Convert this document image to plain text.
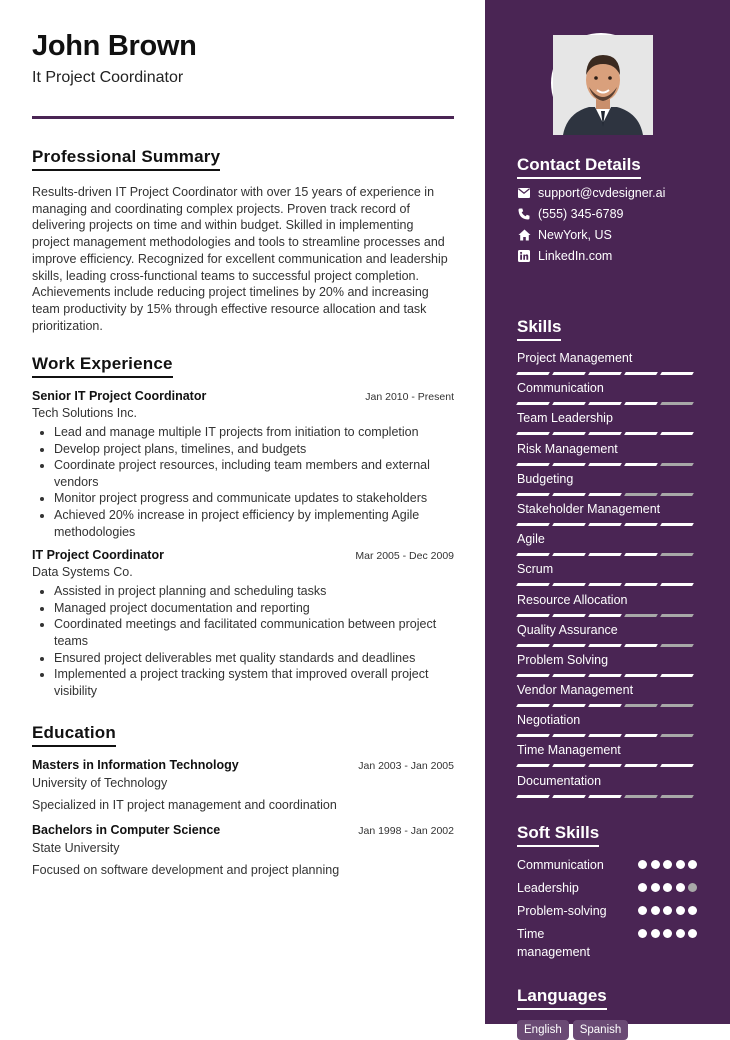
John Brown
It Project Coordinator
Professional Summary

Results-driven IT Project Coordinator with over 15 years of experience in managing and coordinating complex projects. Proven track record of delivering projects on time and within budget. Skilled in implementing project management methodologies and tools to streamline processes and improve efficiency. Recognized for excellent communication and leadership skills, leading cross-functional teams to successful project completion. Achievements include reducing project timelines by 20% and increasing team productivity by 15% through effective resource allocation and task prioritization.

Work Experience
Senior IT Project Coordinator	Jan 2010 - Present
Tech Solutions Inc.
• Lead and manage multiple IT projects from initiation to completion
• Develop project plans, timelines, and budgets
• Coordinate project resources, including team members and external vendors
• Monitor project progress and communicate updates to stakeholders
• Achieved 20% increase in project efficiency by implementing Agile methodologies
IT Project Coordinator	Mar 2005 - Dec 2009
Data Systems Co.
• Assisted in project planning and scheduling tasks
• Managed project documentation and reporting
• Coordinated meetings and facilitated communication between project teams
• Ensured project deliverables met quality standards and deadlines
• Implemented a project tracking system that improved overall project visibility
Education
Masters in Information Technology	Jan 2003 - Jan 2005
University of Technology
Specialized in IT project management and coordination
Bachelors in Computer Science	Jan 1998 - Jan 2002
State University
Focused on software development and project planning
Contact Details
support@cvdesigner.ai
(555) 345-6789
NewYork, US
LinkedIn.com
Skills
Project Management
Communication
Team Leadership
Risk Management
Budgeting
Stakeholder Management
Agile
Scrum
Resource Allocation
Quality Assurance
Problem Solving
Vendor Management
Negotiation
Time Management
Documentation
Soft Skills
Communication
Leadership
Problem-solving
Time management
Languages
English	Spanish
